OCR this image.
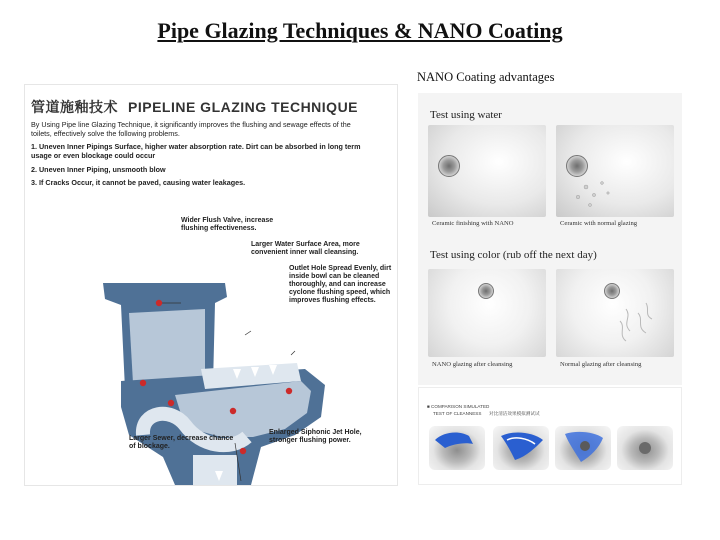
Pipe Glazing Techniques & NANO Coating
NANO Coating advantages
管道施釉技术 PIPELINE GLAZING TECHNIQUE
By Using Pipe line Glazing Technique, it significantly improves the flushing and sewage effects of the toilets, effectively solve the following problems.
1. Uneven Inner Pipings Surface, higher water absorption rate. Dirt can be absorbed in long term usage or even blockage could occur
2. Uneven Inner Piping, unsmooth blow
3. If Cracks Occur, it cannot be paved, causing water leakages.
Wider Flush Valve, increase flushing effectiveness.
Larger Water Surface Area, more convenient inner wall cleansing.
Outlet Hole Spread Evenly, dirt inside bowl can be cleaned thoroughly, and can increase cyclone flushing speed, which improves flushing effects.
Larger Sewer, decrease chance of blockage.
Enlarged Siphonic Jet Hole, stronger flushing power.
Test using water
Ceramic finishing with NANO	Ceramic with normal glazing
Test using color (rub off the next day)
NANO glazing after cleansing	Normal glazing after cleansing
■ COMPARISON SIMULATED
TEST OF CLEANNESS 对比清洁效果模拟测试试
